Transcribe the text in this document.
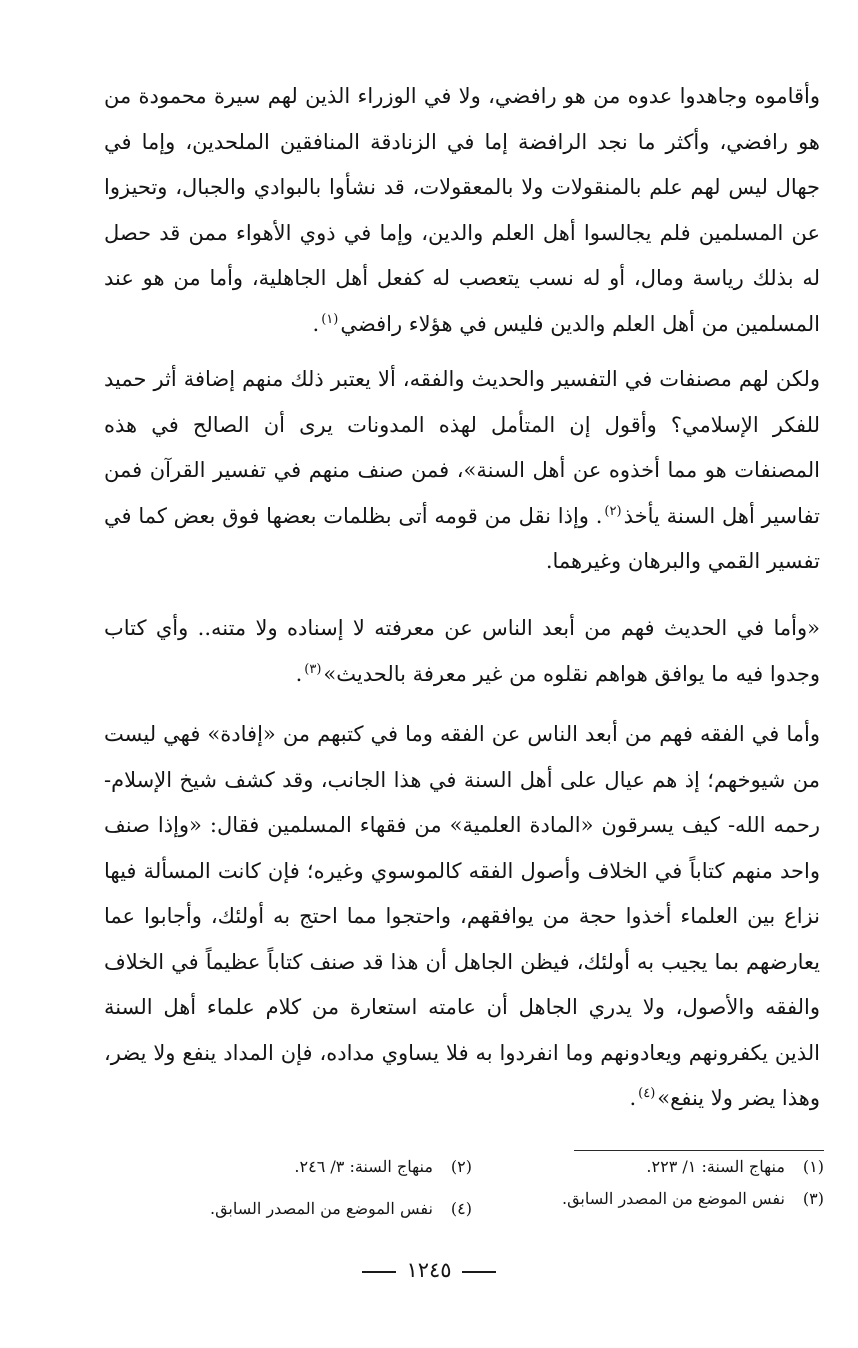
وأقاموه وجاهدوا عدوه من هو رافضي، ولا في الوزراء الذين لهم سيرة محمودة من هو رافضي، وأكثر ما نجد الرافضة إما في الزنادقة المنافقين الملحدين، وإما في جهال ليس لهم علم بالمنقولات ولا بالمعقولات، قد نشأوا بالبوادي والجبال، وتحيزوا عن المسلمين فلم يجالسوا أهل العلم والدين، وإما في ذوي الأهواء ممن قد حصل له بذلك رياسة ومال، أو له نسب يتعصب له كفعل أهل الجاهلية، وأما من هو عند المسلمين من أهل العلم والدين فليس في هؤلاء رافضي$^{(١)}$.

ولكن لهم مصنفات في التفسير والحديث والفقه، ألا يعتبر ذلك منهم إضافة أثر حميد للفكر الإسلامي؟ وأقول إن المتأمل لهذه المدونات يرى أن الصالح في هذه المصنفات هو مما أخذوه عن أهل السنة»، فمن صنف منهم في تفسير القرآن فمن تفاسير أهل السنة يأخذ$^{(٢)}$. وإذا نقل من قومه أتى بظلمات بعضها فوق بعض كما في تفسير القمي والبرهان وغيرهما.

«وأما في الحديث فهم من أبعد الناس عن معرفته لا إسناده ولا متنه.. وأي كتاب وجدوا فيه ما يوافق هواهم نقلوه من غير معرفة بالحديث»$^{(٣)}$.

وأما في الفقه فهم من أبعد الناس عن الفقه وما في كتبهم من «إفادة» فهي ليست من شيوخهم؛ إذ هم عيال على أهل السنة في هذا الجانب، وقد كشف شيخ الإسلام- رحمه الله- كيف يسرقون «المادة العلمية» من فقهاء المسلمين فقال: «وإذا صنف واحد منهم كتاباً في الخلاف وأصول الفقه كالموسوي وغيره؛ فإن كانت المسألة فيها نزاع بين العلماء أخذوا حجة من يوافقهم، واحتجوا مما احتج به أولئك، وأجابوا عما يعارضهم بما يجيب به أولئك، فيظن الجاهل أن هذا قد صنف كتاباً عظيماً في الخلاف والفقه والأصول، ولا يدري الجاهل أن عامته استعارة من كلام علماء أهل السنة الذين يكفرونهم ويعادونهم وما انفردوا به فلا يساوي مداده، فإن المداد ينفع ولا يضر، وهذا يضر ولا ينفع»$^{(٤)}$.

(١)منهاج السنة: ١/ ٢٢٣.
(٢)منهاج السنة: ٣/ ٢٤٦.
(٣)نفس الموضع من المصدر السابق.
(٤)نفس الموضع من المصدر السابق.
١٢٤٥
